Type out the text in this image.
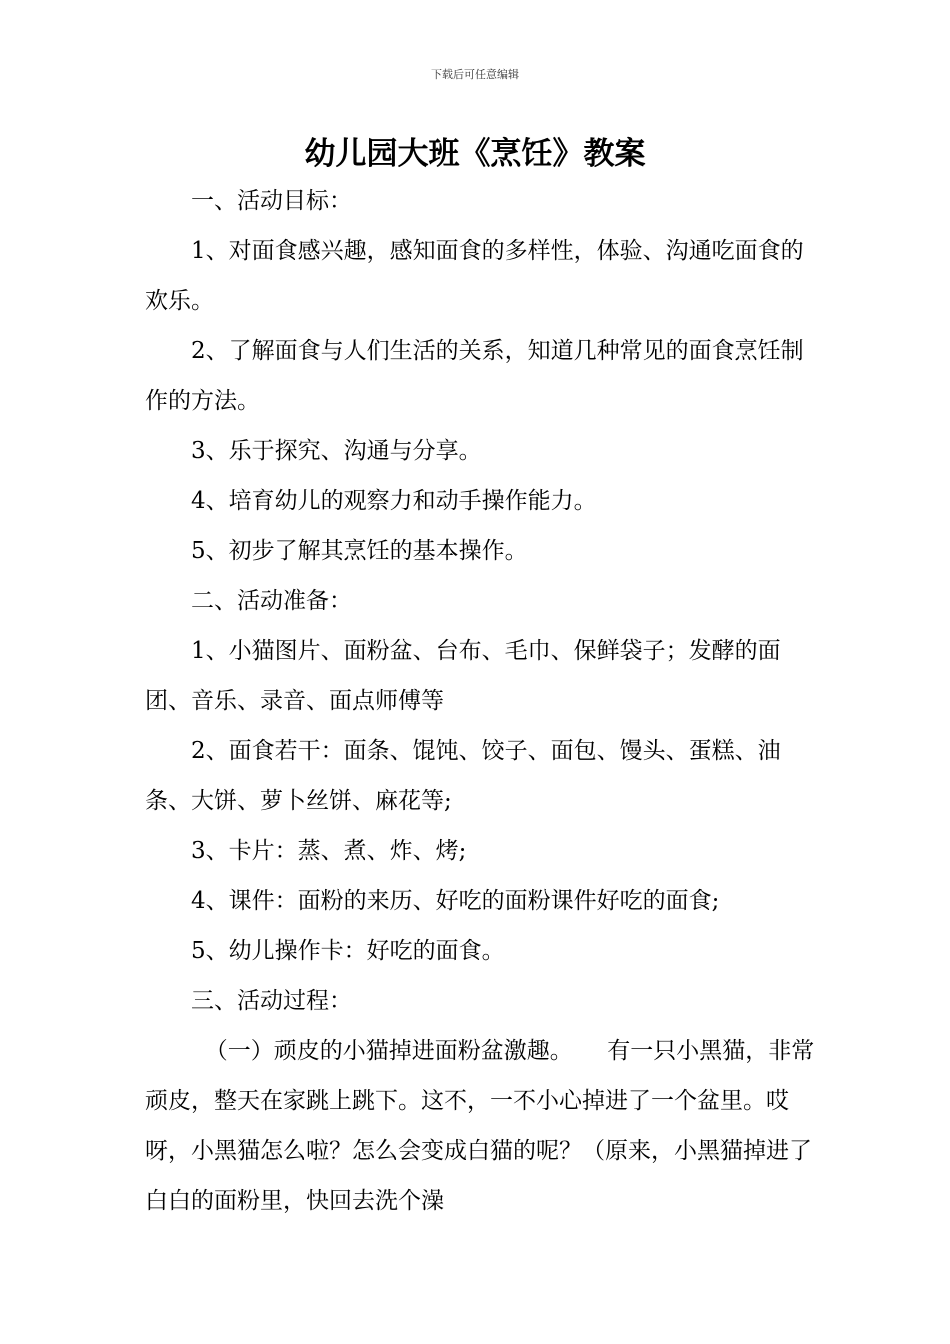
下载后可任意编辑
幼儿园大班《烹饪》教案

一、活动目标：

1、对面食感兴趣，感知面食的多样性，体验、沟通吃面食的欢乐。

2、了解面食与人们生活的关系，知道几种常见的面食烹饪制作的方法。

3、乐于探究、沟通与分享。

4、培育幼儿的观察力和动手操作能力。

5、初步了解其烹饪的基本操作。

二、活动准备：

1、小猫图片、面粉盆、台布、毛巾、保鲜袋子；发酵的面团、音乐、录音、面点师傅等

2、面食若干：面条、馄饨、饺子、面包、馒头、蛋糕、油条、大饼、萝卜丝饼、麻花等;

3、卡片：蒸、煮、炸、烤;

4、课件：面粉的来历、好吃的面粉课件好吃的面食;

5、幼儿操作卡：好吃的面食。

三、活动过程：

（一）顽皮的小猫掉进面粉盆激趣。　　有一只小黑猫，非常顽皮，整天在家跳上跳下。这不，一不小心掉进了一个盆里。哎呀，小黑猫怎么啦？怎么会变成白猫的呢？（原来，小黑猫掉进了白白的面粉里，快回去洗个澡
